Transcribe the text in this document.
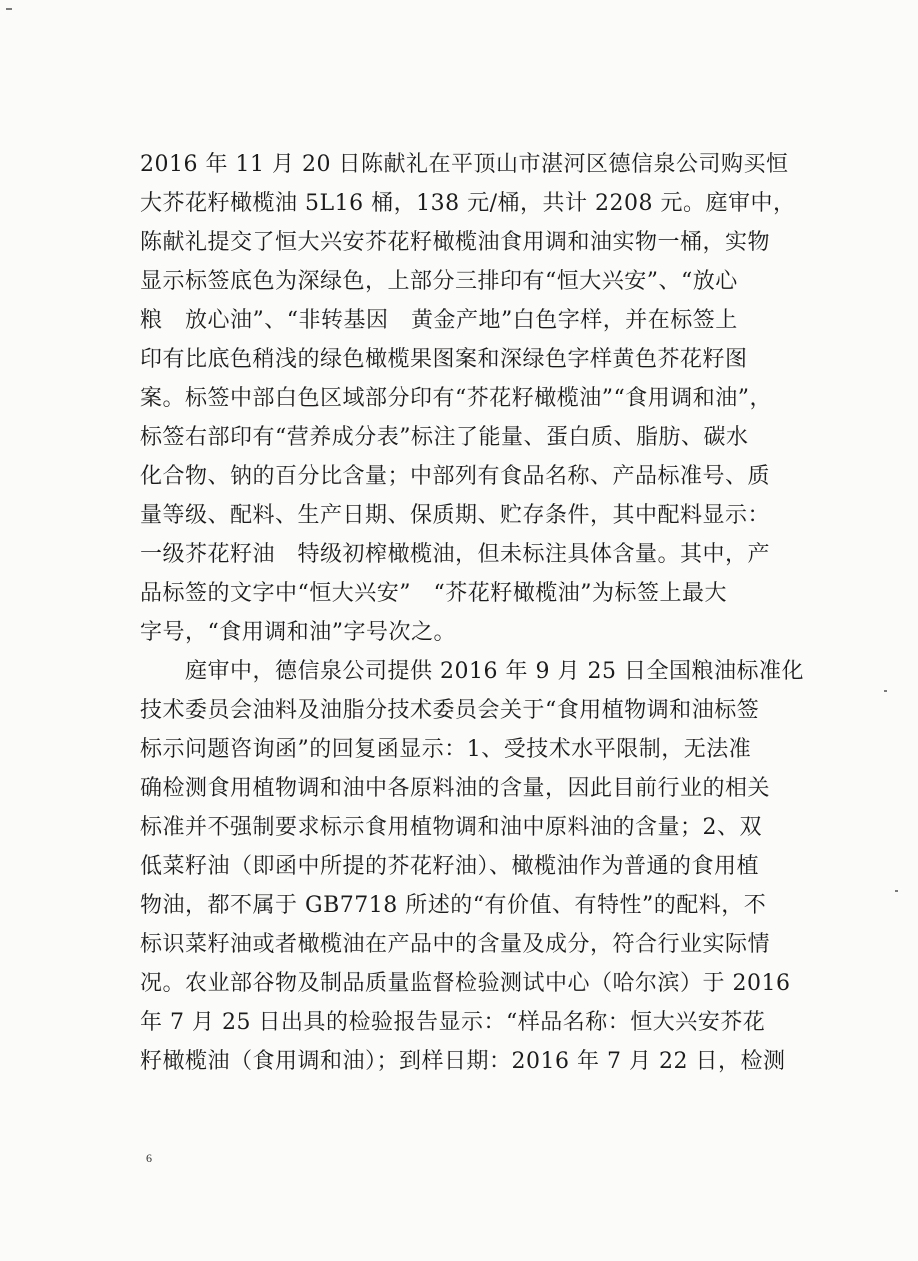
2016 年 11 月 20 日陈献礼在平顶山市湛河区德信泉公司购买恒
大芥花籽橄榄油 5L16 桶，138 元/桶，共计 2208 元。庭审中，
陈献礼提交了恒大兴安芥花籽橄榄油食用调和油实物一桶，实物
显示标签底色为深绿色，上部分三排印有“恒大兴安”、“放心
粮　放心油”、“非转基因　黄金产地”白色字样，并在标签上
印有比底色稍浅的绿色橄榄果图案和深绿色字样黄色芥花籽图
案。标签中部白色区域部分印有“芥花籽橄榄油”“食用调和油”，
标签右部印有“营养成分表”标注了能量、蛋白质、脂肪、碳水
化合物、钠的百分比含量；中部列有食品名称、产品标准号、质
量等级、配料、生产日期、保质期、贮存条件，其中配料显示：
一级芥花籽油　特级初榨橄榄油，但未标注具体含量。其中，产
品标签的文字中“恒大兴安”　“芥花籽橄榄油”为标签上最大
字号，“食用调和油”字号次之。
　　庭审中，德信泉公司提供 2016 年 9 月 25 日全国粮油标准化
技术委员会油料及油脂分技术委员会关于“食用植物调和油标签
标示问题咨询函”的回复函显示：1、受技术水平限制，无法准
确检测食用植物调和油中各原料油的含量，因此目前行业的相关
标准并不强制要求标示食用植物调和油中原料油的含量；2、双
低菜籽油（即函中所提的芥花籽油）、橄榄油作为普通的食用植
物油，都不属于 GB7718 所述的“有价值、有特性”的配料，不
标识菜籽油或者橄榄油在产品中的含量及成分，符合行业实际情
况。农业部谷物及制品质量监督检验测试中心（哈尔滨）于 2016
年 7 月 25 日出具的检验报告显示：“样品名称：恒大兴安芥花
籽橄榄油（食用调和油）；到样日期：2016 年 7 月 22 日，检测
6
